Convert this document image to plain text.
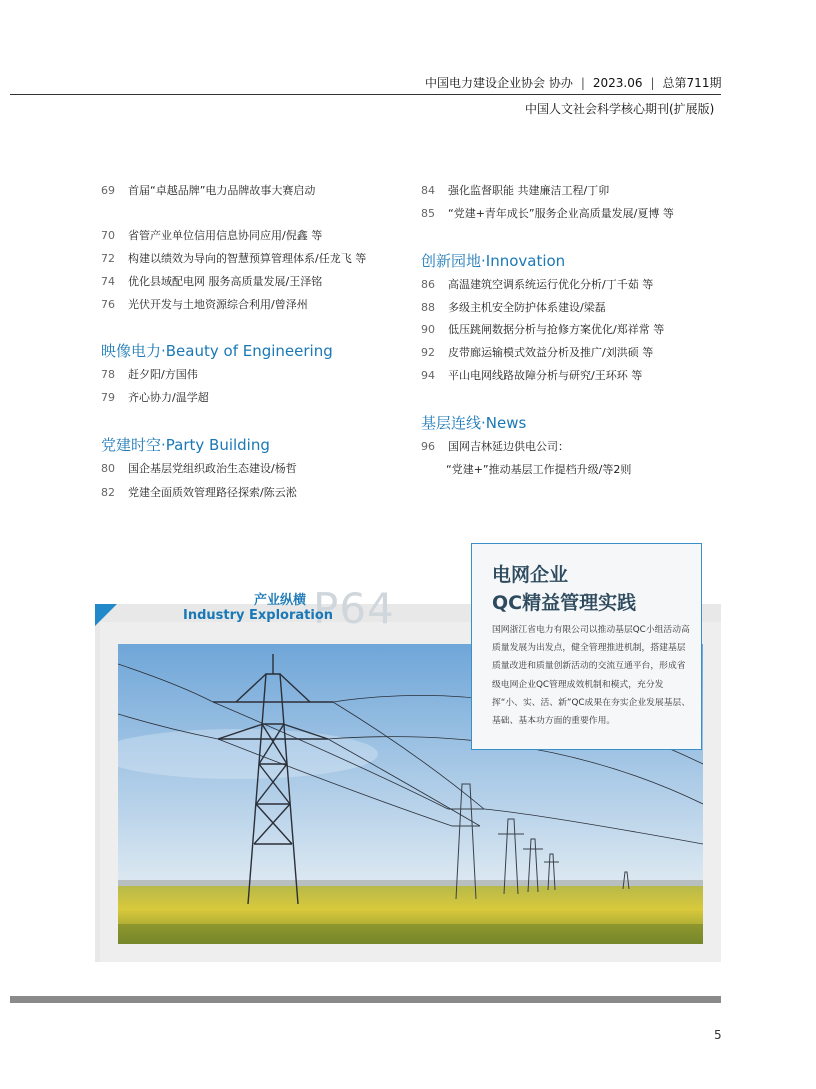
中国电力建设企业协会 协办 | 2023.06 | 总第711期
中国人文社会科学核心期刊(扩展版)
69 首届“卓越品牌”电力品牌故事大赛启动
70 省管产业单位信用信息协同应用/倪鑫 等
72 构建以绩效为导向的智慧预算管理体系/任龙飞 等
74 优化县域配电网 服务高质量发展/王泽铭
76 光伏开发与土地资源综合利用/曾泽州
映像电力·Beauty of Engineering
78 赶夕阳/方国伟
79 齐心协力/温学超
党建时空·Party Building
80 国企基层党组织政治生态建设/杨哲
82 党建全面质效管理路径探索/陈云淞
84 强化监督职能 共建廉洁工程/丁卯
85 “党建+青年成长”服务企业高质量发展/夏博 等
创新园地·Innovation
86 高温建筑空调系统运行优化分析/丁千茹 等
88 多级主机安全防护体系建设/梁磊
90 低压跳闸数据分析与抢修方案优化/郑祥常 等
92 皮带廊运输模式效益分析及推广/刘洪硕 等
94 平山电网线路故障分析与研究/王环环 等
基层连线·News
96 国网吉林延边供电公司：
“党建+”推动基层工作提档升级/等2则
P64
产业纵横
Industry Exploration
电网企业
QC精益管理实践
国网浙江省电力有限公司以推动基层QC小组活动高质量发展为出发点，健全管理推进机制，搭建基层质量改进和质量创新活动的交流互通平台，形成省级电网企业QC管理成效机制和模式，充分发挥“小、实、活、新”QC成果在夯实企业发展基层、基础、基本功方面的重要作用。
5
